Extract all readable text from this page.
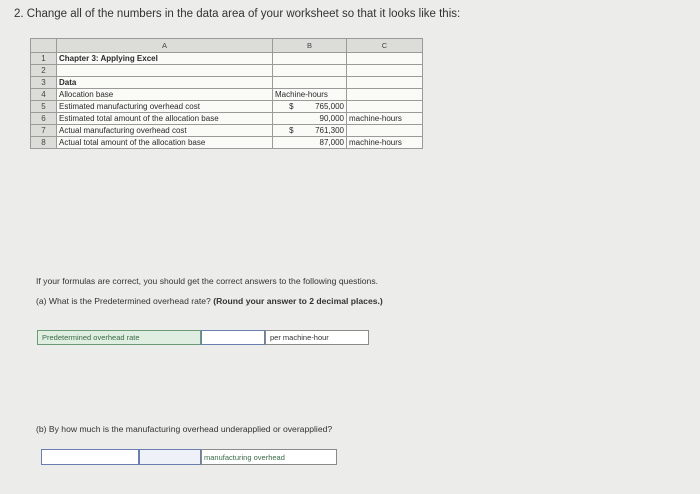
2. Change all of the numbers in the data area of your worksheet so that it looks like this:
	A	B	C
1	Chapter 3: Applying Excel		
2			
3	Data		
4	Allocation base	Machine-hours	
5	Estimated manufacturing overhead cost	$ 765,000	
6	Estimated total amount of the allocation base	90,000	machine-hours
7	Actual manufacturing overhead cost	$ 761,300	
8	Actual total amount of the allocation base	87,000	machine-hours
If your formulas are correct, you should get the correct answers to the following questions.
(a) What is the Predetermined overhead rate? (Round your answer to 2 decimal places.)
Predetermined overhead rate	per machine-hour
(b) By how much is the manufacturing overhead underapplied or overapplied?
manufacturing overhead
